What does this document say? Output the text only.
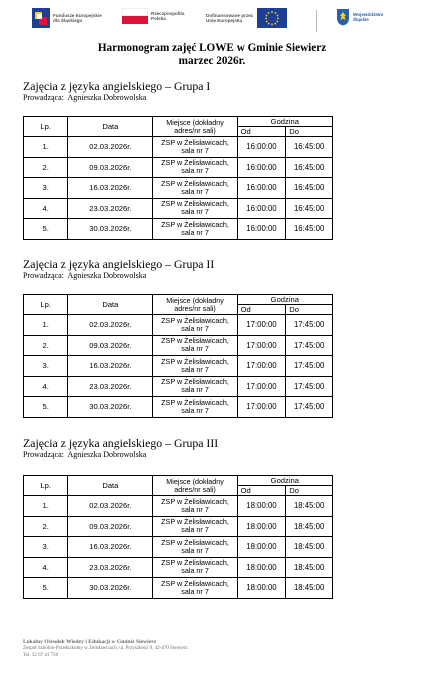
Fundusze Europejskie
dla Śląskiego
Rzeczpospolita
Polska
Dofinansowane przez
Unię Europejską
Województwo
Śląskie
Harmonogram zajęć LOWE w Gminie Siewierz
marzec 2026r.
Zajęcia z języka angielskiego – Grupa I
Prowadząca: Agnieszka Dobrowolska
Lp.	Data	Miejsce (dokładny adres/nr sali)	Godzina	
			Od	Do
1.	02.03.2026r.	ZSP w Żelisławicach,
sala nr 7	16:00:00	16:45:00
2.	09.03.2026r.	ZSP w Żelisławicach,
sala nr 7	16:00:00	16:45:00
3.	16.03.2026r.	ZSP w Żelisławicach,
sala nr 7	16:00:00	16:45:00
4.	23.03.2026r.	ZSP w Żelisławicach,
sala nr 7	16:00:00	16:45:00
5.	30.03.2026r.	ZSP w Żelisławicach,
sala nr 7	16:00:00	16:45:00
Zajęcia z języka angielskiego – Grupa II
Prowadząca: Agnieszka Dobrowolska
Lp.	Data	Miejsce (dokładny adres/nr sali)	Godzina	
			Od	Do
1.	02.03.2026r.	ZSP w Żelisławicach,
sala nr 7	17:00:00	17:45:00
2.	09.03.2026r.	ZSP w Żelisławicach,
sala nr 7	17:00:00	17:45:00
3.	16.03.2026r.	ZSP w Żelisławicach,
sala nr 7	17:00:00	17:45:00
4.	23.03.2026r.	ZSP w Żelisławicach,
sala nr 7	17:00:00	17:45:00
5.	30.03.2026r.	ZSP w Żelisławicach,
sala nr 7	17:00:00	17:45:00
Zajęcia z języka angielskiego – Grupa III
Prowadząca: Agnieszka Dobrowolska
Lp.	Data	Miejsce (dokładny adres/nr sali)	Godzina	
			Od	Do
1.	02.03.2026r.	ZSP w Żelisławicach,
sala nr 7	18:00:00	18:45:00
2.	09.03.2026r.	ZSP w Żelisławicach,
sala nr 7	18:00:00	18:45:00
3.	16.03.2026r.	ZSP w Żelisławicach,
sala nr 7	18:00:00	18:45:00
4.	23.03.2026r.	ZSP w Żelisławicach,
sala nr 7	18:00:00	18:45:00
5.	30.03.2026r.	ZSP w Żelisławicach,
sala nr 7	18:00:00	18:45:00
Lokalny Ośrodek Wiedzy i Edukacji w Gminie Siewierz
Zespół Szkolno-Przedszkolny w Żelisławicach, ul. Przyszłości 9, 42-470 Siewierz
Tel. 32 67 41 750
